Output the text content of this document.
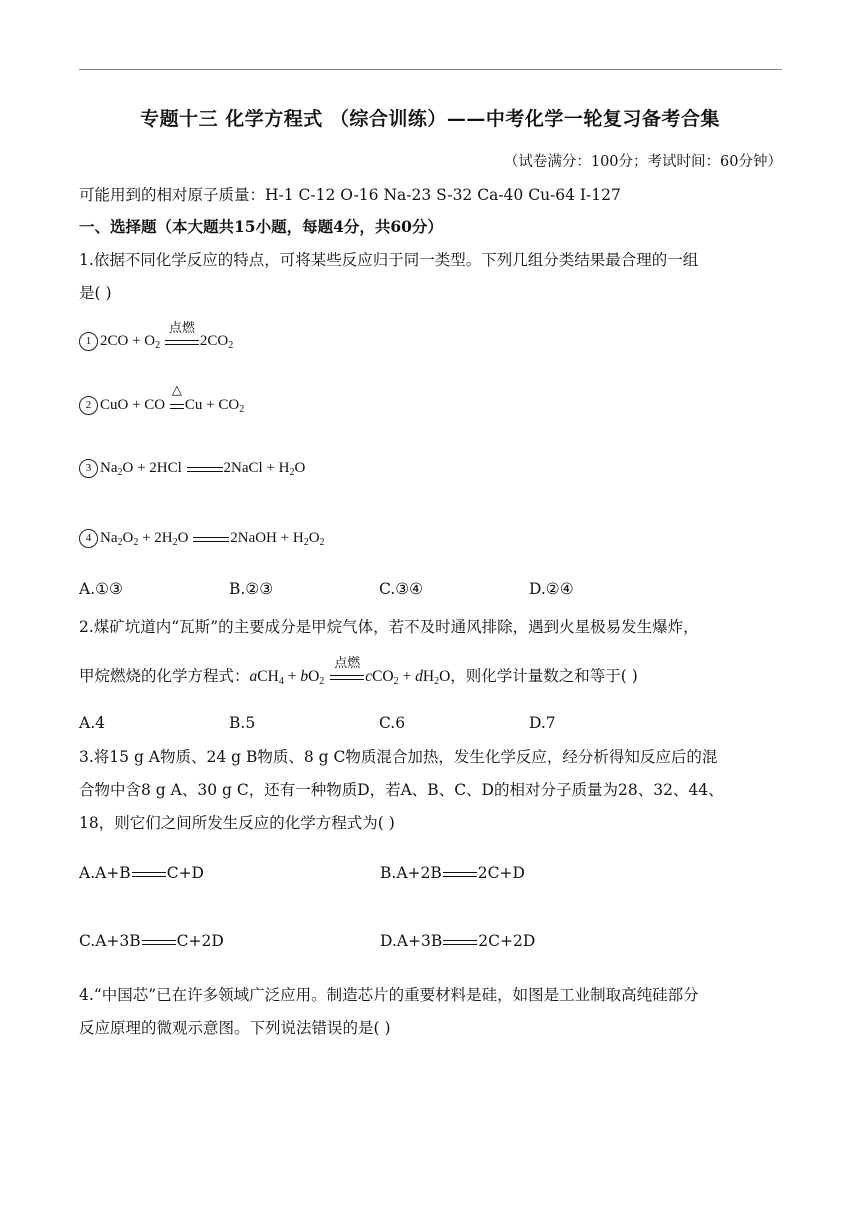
专题十三 化学方程式 （综合训练）——中考化学一轮复习备考合集
（试卷满分：100分；考试时间：60分钟）
可能用到的相对原子质量：H-1 C-12 O-16 Na-23 S-32 Ca-40 Cu-64 I-127
一、选择题（本大题共15小题，每题4分，共60分）
1.依据不同化学反应的特点，可将某些反应归于同一类型。下列几组分类结果最合理的一组
是( )
1 $2CO + O_2$
点燃
$2CO_2$
2 CuO + CO
△
$Cu + CO_2$
3 $Na_2O + 2HCl$	2NaCl + $H_2O$
4 $Na_2O_2 + 2H_2O$	2NaOH + $H_2O_2$
A.①③	B.②③	C.③④	D.②④
2.煤矿坑道内“瓦斯”的主要成分是甲烷气体，若不及时通风排除，遇到火星极易发生爆炸，
甲烷燃烧的化学方程式：$aCH_4 + bO_2$
点燃
$cCO_2 + dH_2O$，则化学计量数之和等于( )
A.4	B.5	C.6	D.7
3.将15 g A物质、24 g B物质、8 g C物质混合加热，发生化学反应，经分析得知反应后的混
合物中含8 g A、30 g C，还有一种物质D，若A、B、C、D的相对分子质量为28、32、44、
18，则它们之间所发生反应的化学方程式为( )
A.A+B C+D	B.A+2B 2C+D
C.A+3B C+2D	D.A+3B 2C+2D
4.“中国芯”已在许多领域广泛应用。制造芯片的重要材料是硅，如图是工业制取高纯硅部分
反应原理的微观示意图。下列说法错误的是( )
